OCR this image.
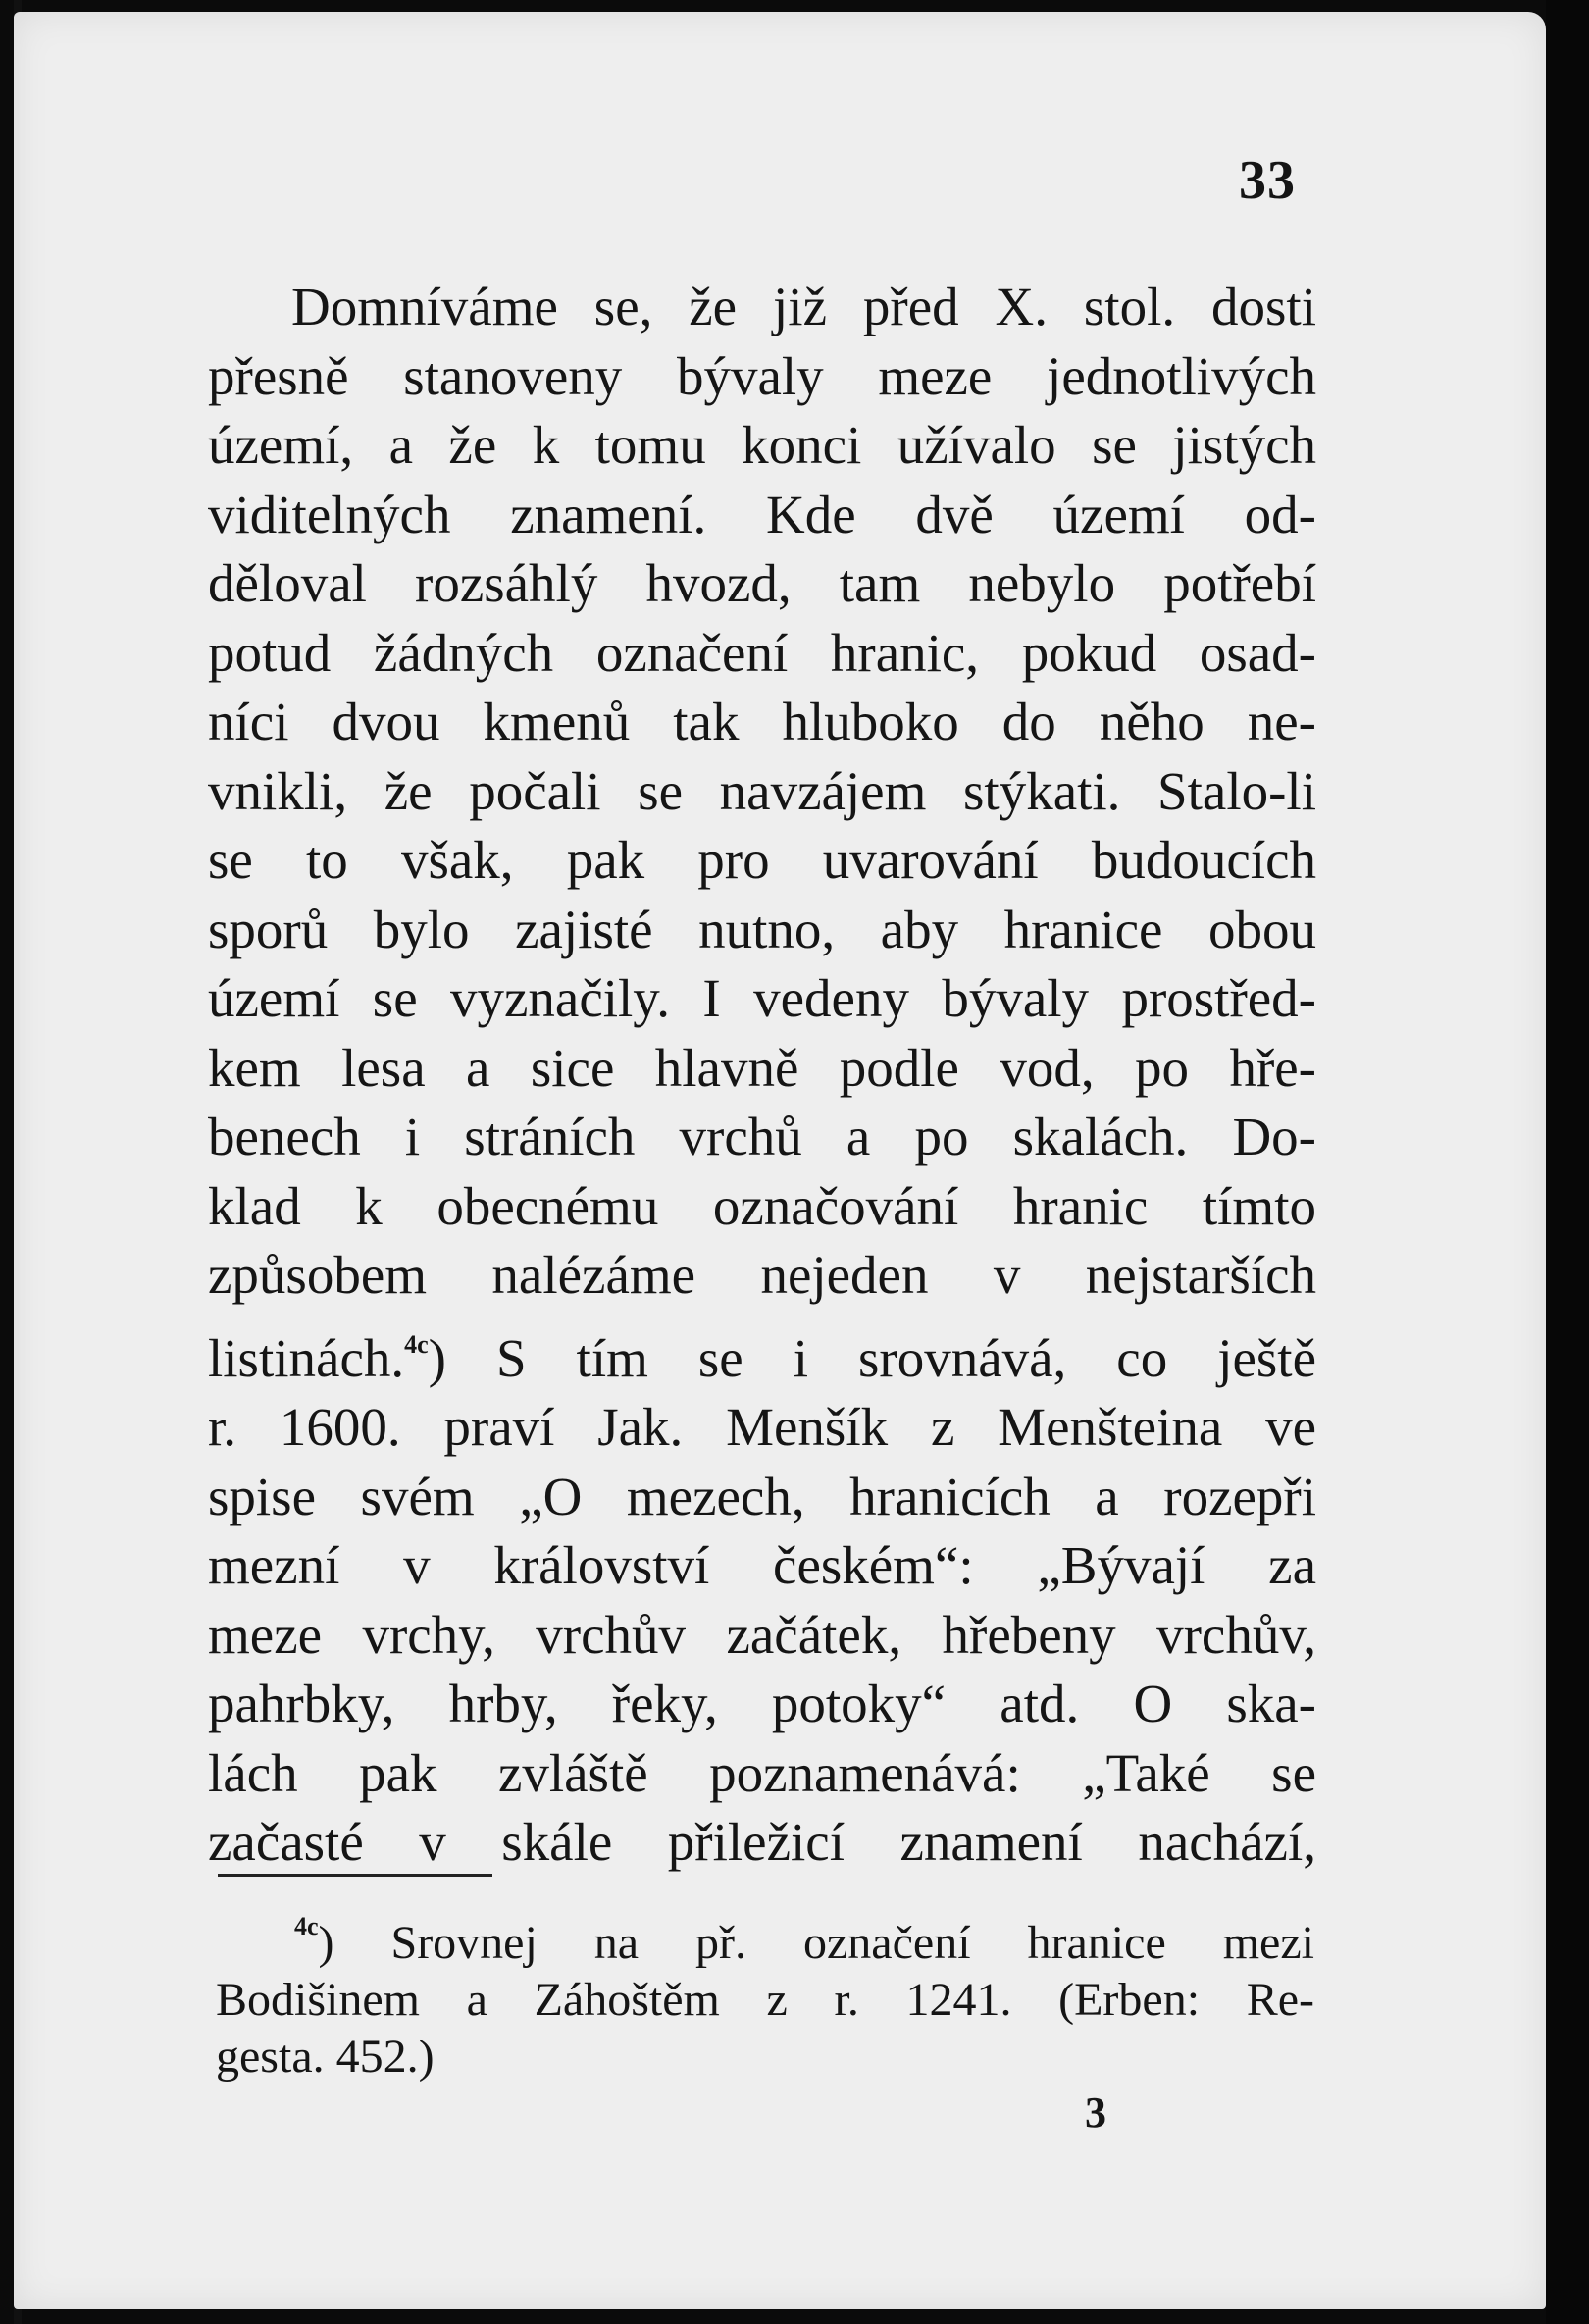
33
Domníváme se, že již před X. stol. dosti
přesně stanoveny bývaly meze jednotlivých
území, a že k tomu konci užívalo se jistých
viditelných znamení. Kde dvě území od-
děloval rozsáhlý hvozd, tam nebylo potřebí
potud žádných označení hranic, pokud osad-
níci dvou kmenů tak hluboko do něho ne-
vnikli, že počali se navzájem stýkati. Stalo-li
se to však, pak pro uvarování budoucích
sporů bylo zajisté nutno, aby hranice obou
území se vyznačily. I vedeny bývaly prostřed-
kem lesa a sice hlavně podle vod, po hře-
benech i stráních vrchů a po skalách. Do-
klad k obecnému označování hranic tímto
způsobem nalézáme nejeden v nejstarších
listinách.$^{4c}$) S tím se i srovnává, co ještě
r. 1600. praví Jak. Menšík z Menšteina ve
spise svém „O mezech, hranicích a rozepři
mezní v království českém“: „Bývají za
meze vrchy, vrchův začátek, hřebeny vrchův,
pahrbky, hrby, řeky, potoky“ atd. O ska-
lách pak zvláště poznamenává: „Také se
začasté v skále přiležicí znamení nachází,
$^{4c}$) Srovnej na př. označení hranice mezi
Bodišinem a Záhoštěm z r. 1241. (Erben: Re-
gesta. 452.)
3
